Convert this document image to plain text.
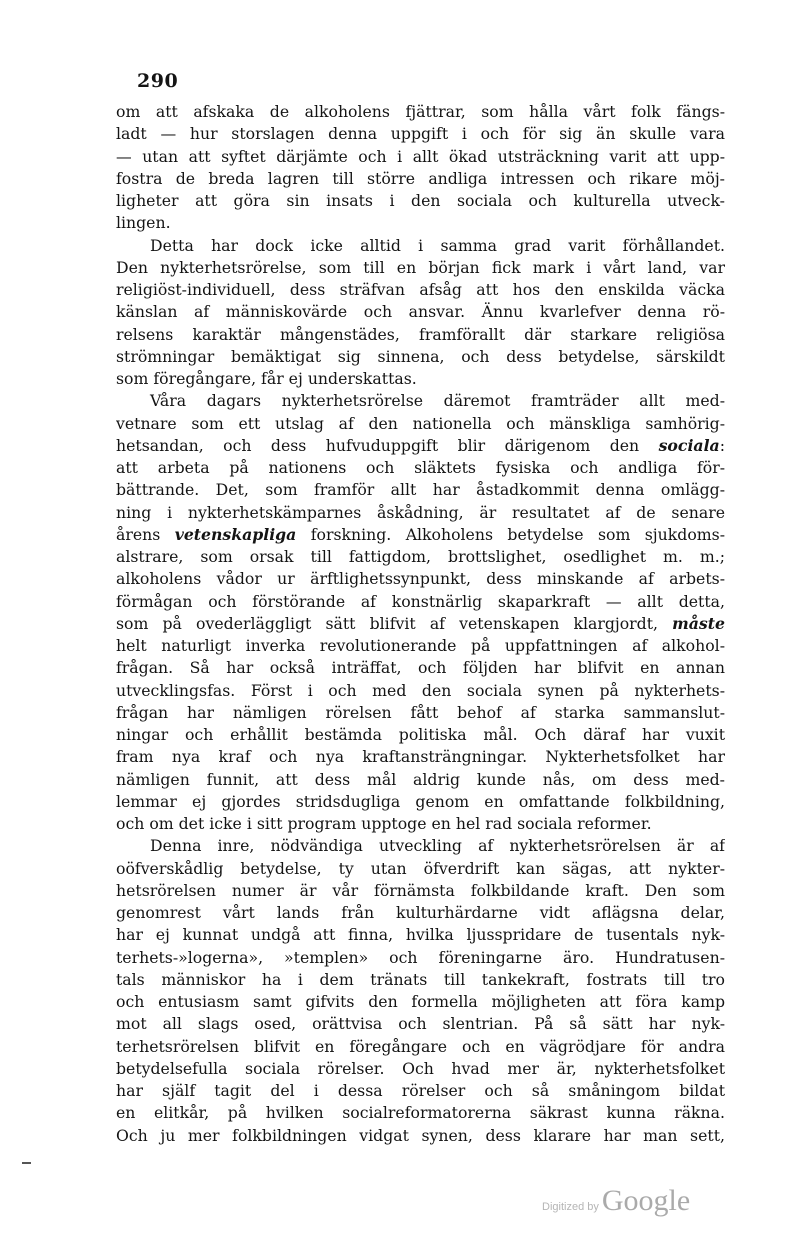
290
om att afskaka de alkoholens fjättrar, som hålla vårt folk fängs-
ladt — hur storslagen denna uppgift i och för sig än skulle vara
— utan att syftet därjämte och i allt ökad utsträckning varit att upp-
fostra de breda lagren till större andliga intressen och rikare möj-
ligheter att göra sin insats i den sociala och kulturella utveck-
lingen.
Detta har dock icke alltid i samma grad varit förhållandet.
Den nykterhetsrörelse, som till en början fick mark i vårt land, var
religiöst-individuell, dess sträfvan afsåg att hos den enskilda väcka
känslan af människovärde och ansvar. Ännu kvarlefver denna rö-
relsens karaktär mångenstädes, framförallt där starkare religiösa
strömningar bemäktigat sig sinnena, och dess betydelse, särskildt
som föregångare, får ej underskattas.
Våra dagars nykterhetsrörelse däremot framträder allt med-
vetnare som ett utslag af den nationella och mänskliga samhörig-
hetsandan, och dess hufvuduppgift blir därigenom den sociala:
att arbeta på nationens och släktets fysiska och andliga för-
bättrande. Det, som framför allt har åstadkommit denna omlägg-
ning i nykterhetskämparnes åskådning, är resultatet af de senare
årens vetenskapliga forskning. Alkoholens betydelse som sjukdoms-
alstrare, som orsak till fattigdom, brottslighet, osedlighet m. m.;
alkoholens vådor ur ärftlighetssynpunkt, dess minskande af arbets-
förmågan och förstörande af konstnärlig skaparkraft — allt detta,
som på ovederläggligt sätt blifvit af vetenskapen klargjordt, måste
helt naturligt inverka revolutionerande på uppfattningen af alkohol-
frågan. Så har också inträffat, och följden har blifvit en annan
utvecklingsfas. Först i och med den sociala synen på nykterhets-
frågan har nämligen rörelsen fått behof af starka sammanslut-
ningar och erhållit bestämda politiska mål. Och däraf har vuxit
fram nya kraf och nya kraftansträngningar. Nykterhetsfolket har
nämligen funnit, att dess mål aldrig kunde nås, om dess med-
lemmar ej gjordes stridsdugliga genom en omfattande folkbildning,
och om det icke i sitt program upptoge en hel rad sociala reformer.
Denna inre, nödvändiga utveckling af nykterhetsrörelsen är af
oöfverskådlig betydelse, ty utan öfverdrift kan sägas, att nykter-
hetsrörelsen numer är vår förnämsta folkbildande kraft. Den som
genomrest vårt lands från kulturhärdarne vidt aflägsna delar,
har ej kunnat undgå att finna, hvilka ljusspridare de tusentals nyk-
terhets-»logerna», »templen» och föreningarne äro. Hundratusen-
tals människor ha i dem tränats till tankekraft, fostrats till tro
och entusiasm samt gifvits den formella möjligheten att föra kamp
mot all slags osed, orättvisa och slentrian. På så sätt har nyk-
terhetsrörelsen blifvit en föregångare och en vägrödjare för andra
betydelsefulla sociala rörelser. Och hvad mer är, nykterhetsfolket
har själf tagit del i dessa rörelser och så småningom bildat
en elitkår, på hvilken socialreformatorerna säkrast kunna räkna.
Och ju mer folkbildningen vidgat synen, dess klarare har man sett,
Digitized by Google
